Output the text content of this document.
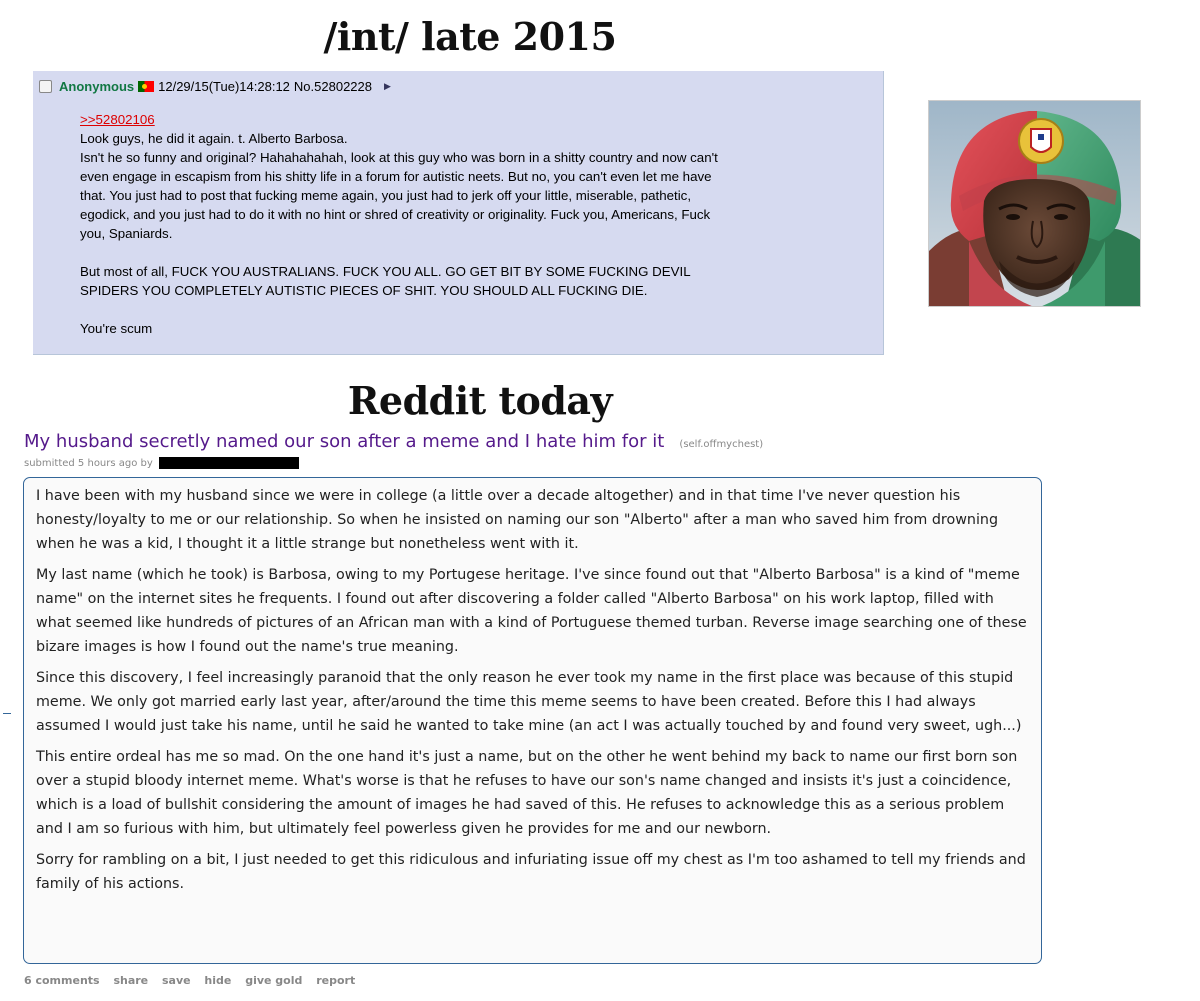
/int/ late 2015
Anonymous 12/29/15(Tue)14:28:12 No.52802228 ▶
>>52802106

Look guys, he did it again. t. Alberto Barbosa.

Isn't he so funny and original? Hahahahahah, look at this guy who was born in a shitty country and now can't

even engage in escapism from his shitty life in a forum for autistic neets. But no, you can't even let me have

that. You just had to post that fucking meme again, you just had to jerk off your little, miserable, pathetic,

egodick, and you just had to do it with no hint or shred of creativity or originality. Fuck you, Americans, Fuck

you, Spaniards.

But most of all, FUCK YOU AUSTRALIANS. FUCK YOU ALL. GO GET BIT BY SOME FUCKING DEVIL

SPIDERS YOU COMPLETELY AUTISTIC PIECES OF SHIT. YOU SHOULD ALL FUCKING DIE.

You're scum

Reddit today
My husband secretly named our son after a meme and I hate him for it (self.offmychest)
submitted 5 hours ago by

I have been with my husband since we were in college (a little over a decade altogether) and in that time I've never question his honesty/loyalty to me or our relationship. So when he insisted on naming our son "Alberto" after a man who saved him from drowning when he was a kid, I thought it a little strange but nonetheless went with it.

My last name (which he took) is Barbosa, owing to my Portugese heritage. I've since found out that "Alberto Barbosa" is a kind of "meme name" on the internet sites he frequents. I found out after discovering a folder called "Alberto Barbosa" on his work laptop, filled with what seemed like hundreds of pictures of an African man with a kind of Portuguese themed turban. Reverse image searching one of these bizare images is how I found out the name's true meaning.

Since this discovery, I feel increasingly paranoid that the only reason he ever took my name in the first place was because of this stupid meme. We only got married early last year, after/around the time this meme seems to have been created. Before this I had always assumed I would just take his name, until he said he wanted to take mine (an act I was actually touched by and found very sweet, ugh...)

This entire ordeal has me so mad. On the one hand it's just a name, but on the other he went behind my back to name our first born son over a stupid bloody internet meme. What's worse is that he refuses to have our son's name changed and insists it's just a coincidence, which is a load of bullshit considering the amount of images he had saved of this. He refuses to acknowledge this as a serious problem and I am so furious with him, but ultimately feel powerless given he provides for me and our newborn.

Sorry for rambling on a bit, I just needed to get this ridiculous and infuriating issue off my chest as I'm too ashamed to tell my friends and family of his actions.

6 comments share save hide give gold report
